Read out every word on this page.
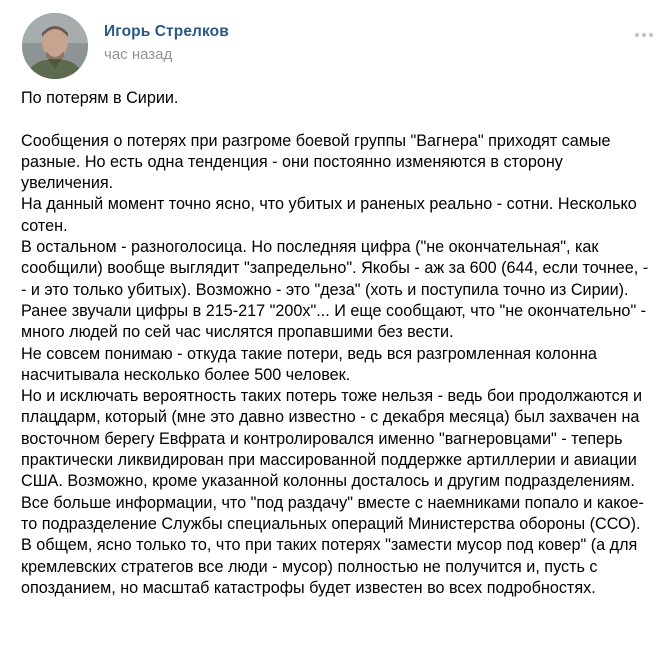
Игорь Стрелков
час назад
По потерям в Сирии.
Сообщения о потерях при разгроме боевой группы "Вагнера" приходят самые
разные. Но есть одна тенденция - они постоянно изменяются в сторону
увеличения.
На данный момент точно ясно, что убитых и раненых реально - сотни. Несколько
сотен.
В остальном - разноголосица. Но последняя цифра ("не окончательная", как
сообщили) вообще выглядит "запредельно". Якобы - аж за 600 (644, если точнее, -
- и это только убитых). Возможно - это "деза" (хоть и поступила точно из Сирии).
Ранее звучали цифры в 215-217 "200х"... И еще сообщают, что "не окончательно" -
много людей по сей час числятся пропавшими без вести.
Не совсем понимаю - откуда такие потери, ведь вся разгромленная колонна
насчитывала несколько более 500 человек.
Но и исключать вероятность таких потерь тоже нельзя - ведь бои продолжаются и
плацдарм, который (мне это давно известно - с декабря месяца) был захвачен на
восточном берегу Евфрата и контролировался именно "вагнеровцами" - теперь
практически ликвидирован при массированной поддержке артиллерии и авиации
США. Возможно, кроме указанной колонны досталось и другим подразделениям.
Все больше информации, что "под раздачу" вместе с наемниками попало и какое-
то подразделение Службы специальных операций Министерства обороны (ССО).
В общем, ясно только то, что при таких потерях "замести мусор под ковер" (а для
кремлевских стратегов все люди - мусор) полностью не получится и, пусть с
опозданием, но масштаб катастрофы будет известен во всех подробностях.
